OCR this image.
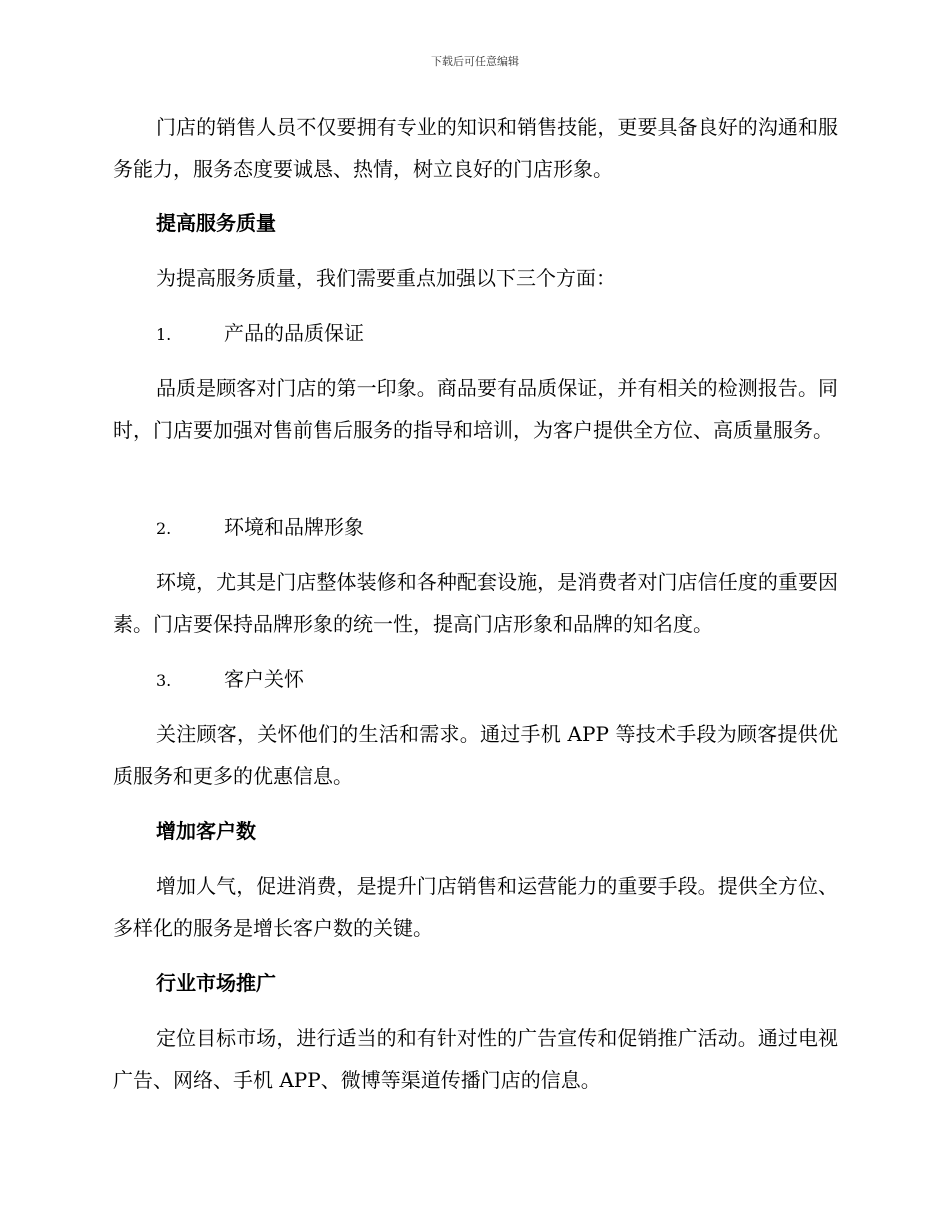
下载后可任意编辑

门店的销售人员不仅要拥有专业的知识和销售技能，更要具备良好的沟通和服务能力，服务态度要诚恳、热情，树立良好的门店形象。

提高服务质量

为提高服务质量，我们需要重点加强以下三个方面：

1.	产品的品质保证

品质是顾客对门店的第一印象。商品要有品质保证，并有相关的检测报告。同时，门店要加强对售前售后服务的指导和培训，为客户提供全方位、高质量服务。

2.	环境和品牌形象

环境，尤其是门店整体装修和各种配套设施，是消费者对门店信任度的重要因素。门店要保持品牌形象的统一性，提高门店形象和品牌的知名度。

3.	客户关怀

关注顾客，关怀他们的生活和需求。通过手机 APP 等技术手段为顾客提供优质服务和更多的优惠信息。

增加客户数

增加人气，促进消费，是提升门店销售和运营能力的重要手段。提供全方位、多样化的服务是增长客户数的关键。

行业市场推广

定位目标市场，进行适当的和有针对性的广告宣传和促销推广活动。通过电视广告、网络、手机 APP、微博等渠道传播门店的信息。
